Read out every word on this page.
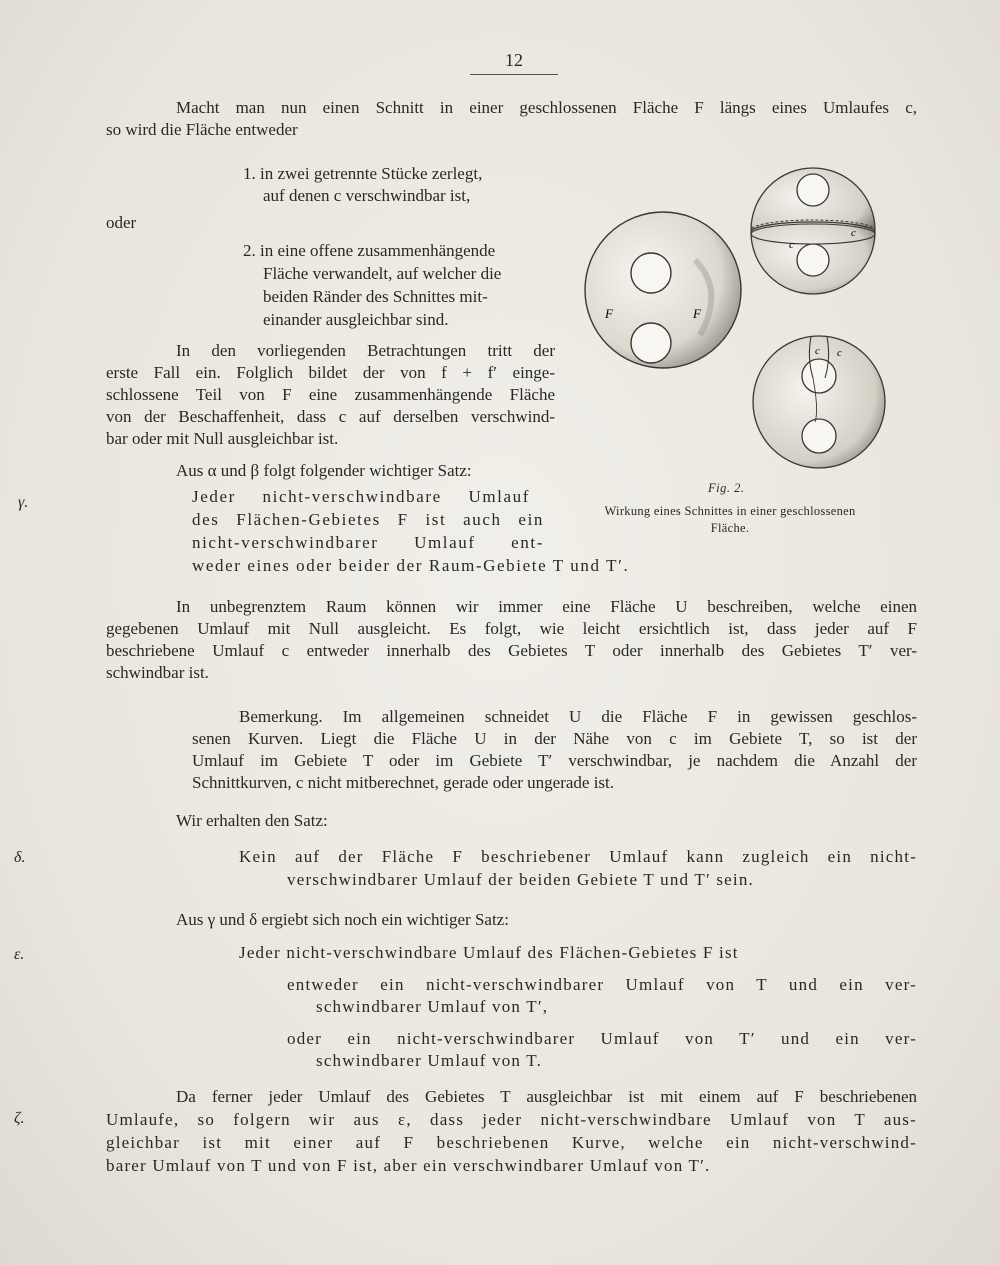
12
Macht man nun einen Schnitt in einer geschlossenen Fläche F längs eines Umlaufes c,
so wird die Fläche entweder
1. in zwei getrennte Stücke zerlegt,
auf denen c verschwindbar ist,
oder
2. in eine offene zusammenhängende
Fläche verwandelt, auf welcher die
beiden Ränder des Schnittes mit-
einander ausgleichbar sind.
In den vorliegenden Betrachtungen tritt der
erste Fall ein. Folglich bildet der von f + f′ einge-
schlossene Teil von F eine zusammenhängende Fläche
von der Beschaffenheit, dass c auf derselben verschwind-
bar oder mit Null ausgleichbar ist.
Aus α und β folgt folgender wichtiger Satz:
γ.	Jeder nicht-verschwindbare Umlauf
des Flächen-Gebietes F ist auch ein
nicht-verschwindbarer Umlauf ent-
weder eines oder beider der Raum-Gebiete T und T′.
F	F
c
c
c c
Fig. 2.
Wirkung eines Schnittes in einer geschlossenen
Fläche.
In unbegrenztem Raum können wir immer eine Fläche U beschreiben, welche einen
gegebenen Umlauf mit Null ausgleicht. Es folgt, wie leicht ersichtlich ist, dass jeder auf F
beschriebene Umlauf c entweder innerhalb des Gebietes T oder innerhalb des Gebietes T′ ver-
schwindbar ist.
Bemerkung. Im allgemeinen schneidet U die Fläche F in gewissen geschlos-
senen Kurven. Liegt die Fläche U in der Nähe von c im Gebiete T, so ist der
Umlauf im Gebiete T oder im Gebiete T′ verschwindbar, je nachdem die Anzahl der
Schnittkurven, c nicht mitberechnet, gerade oder ungerade ist.
Wir erhalten den Satz:
δ.	Kein auf der Fläche F beschriebener Umlauf kann zugleich ein nicht-
verschwindbarer Umlauf der beiden Gebiete T und T′ sein.
Aus γ und δ ergiebt sich noch ein wichtiger Satz:
ε.	Jeder nicht-verschwindbare Umlauf des Flächen-Gebietes F ist
entweder ein nicht-verschwindbarer Umlauf von T und ein ver-
schwindbarer Umlauf von T′,
oder ein nicht-verschwindbarer Umlauf von T′ und ein ver-
schwindbarer Umlauf von T.
ζ.
Da ferner jeder Umlauf des Gebietes T ausgleichbar ist mit einem auf F beschriebenen
Umlaufe, so folgern wir aus ε, dass jeder nicht-verschwindbare Umlauf von T aus-
gleichbar ist mit einer auf F beschriebenen Kurve, welche ein nicht-verschwind-
barer Umlauf von T und von F ist, aber ein verschwindbarer Umlauf von T′.
